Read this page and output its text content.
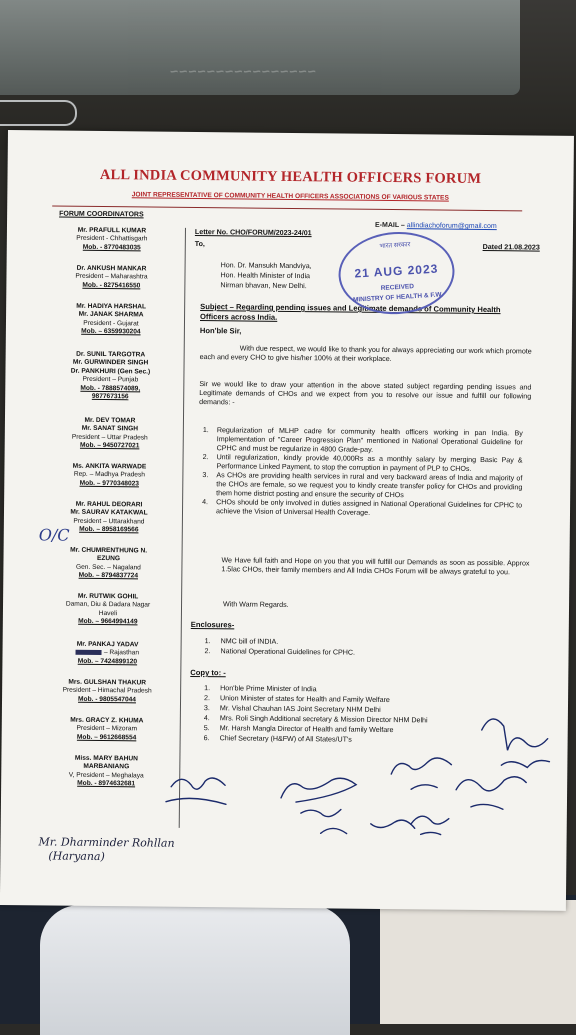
~~~~~~~~~~~~~~~~
ALL INDIA COMMUNITY HEALTH OFFICERS FORUM
JOINT REPRESENTATIVE OF COMMUNITY HEALTH OFFICERS ASSOCIATIONS OF VARIOUS STATES
E-MAIL – allindiachoforum@gmail.com
FORUM COORDINATORS
Mr. PRAFULL KUMAR
President - Chhattisgarh
Mob. - 8770483035
Dr. ANKUSH MANKAR
President – Maharashtra
Mob. - 8275416550
Mr. HADIYA HARSHAL
Mr. JANAK SHARMA
President - Gujarat
Mob. – 6359930204
Dr. SUNIL TARGOTRA
Mr. GURWINDER SINGH
Dr. PANKHURI (Gen Sec.)
President – Punjab
Mob. - 7888574089,
9877673156
Mr. DEV TOMAR
Mr. SANAT SINGH
President – Uttar Pradesh
Mob. – 9450727021
Ms. ANKITA WARWADE
Rep. – Madhya Pradesh
Mob. – 9770348023
Mr. RAHUL DEORARI
Mr. SAURAV KATAKWAL
President – Uttarakhand
Mob. – 8958169566
Mr. CHUMRENTHUNG N.
EZUNG
Gen. Sec. – Nagaland
Mob. – 8794837724
Mr. RUTWIK GOHIL
Daman, Diu & Dadara Nagar
Haveli
Mob. – 9664994149
Mr. PANKAJ YADAV
– Rajasthan
Mob. – 7424899120
Mrs. GULSHAN THAKUR
President – Himachal Pradesh
Mob. - 9805547044
Mrs. GRACY Z. KHUMA
President – Mizoram
Mob. – 9612668554
Miss. MARY BAHUN
MARBANIANG
V, President – Meghalaya
Mob. - 8974632681
Letter No. CHO/FORUM/2023-24/01
To,	Dated 21.08.2023
Hon. Dr. Mansukh Mandviya,
Hon. Health Minister of India
Nirman bhavan, New Delhi.
Subject – Regarding pending issues and Legitimate demands of Community Health Officers across India.
Hon'ble Sir,
With due respect, we would like to thank you for always appreciating our work which promote each and every CHO to give his/her 100% at their workplace.
Sir we would like to draw your attention in the above stated subject regarding pending issues and Legitimate demands of CHOs and we expect from you to resolve our issue and fulfill our following demands: -
1. Regularization of MLHP cadre for community health officers working in pan India. By Implementation of "Career Progression Plan" mentioned in National Operational Guideline for CPHC and must be regularize in 4800 Grade-pay.
2. Until regularization, kindly provide 40,000Rs as a monthly salary by merging Basic Pay & Performance Linked Payment, to stop the corruption in payment of PLP to CHOs.
3. As CHOs are providing health services in rural and very backward areas of India and majority of the CHOs are female, so we request you to kindly create transfer policy for CHOs and providing them home district posting and ensure the security of CHOs
4. CHOs should be only involved in duties assigned in National Operational Guidelines for CPHC to achieve the Vision of Universal Health Coverage.
We Have full faith and Hope on you that you will fulfill our Demands as soon as possible. Approx 1.5lac CHOs, their family members and All India CHOs Forum will be always grateful to you.
With Warm Regards.
Enclosures-
1. NMC bill of INDIA.
2. National Operational Guidelines for CPHC.
Copy to: -
1. Hon'ble Prime Minister of India
2. Union Minister of states for Health and Family Welfare
3. Mr. Vishal Chauhan IAS Joint Secretary NHM Delhi
4. Mrs. Roli Singh Additional secretary & Mission Director NHM Delhi
5. Mr. Harsh Mangla Director of Health and family Welfare
6. Chief Secretary (H&FW) of All States/UT's
भारत सरकार
21 AUG 2023
RECEIVED
MINISTRY OF HEALTH & F.W.
O/C
Mr. Dharminder Rohllan
(Haryana)
